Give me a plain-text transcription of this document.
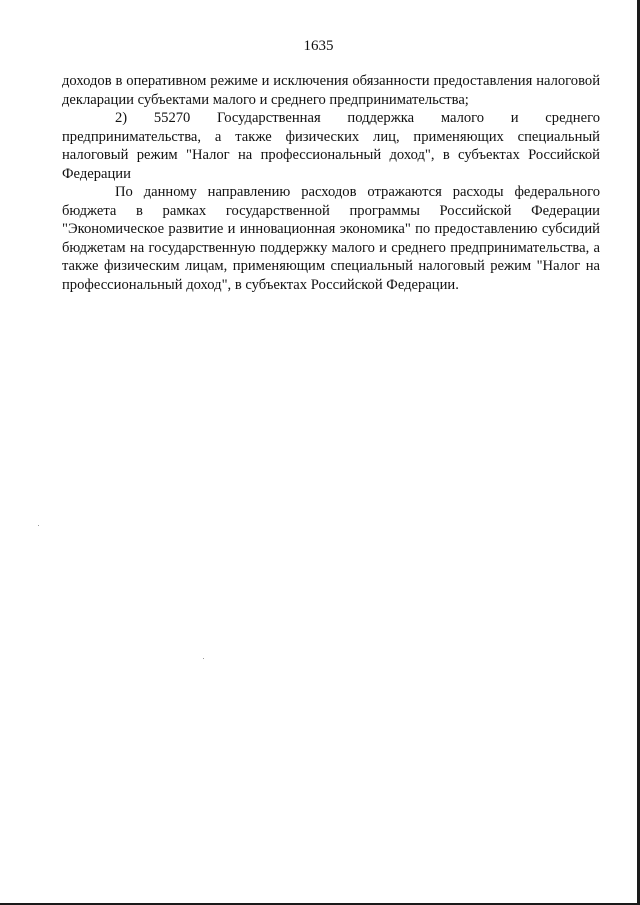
1635

доходов в оперативном режиме и исключения обязанности предоставления налоговой декларации субъектами малого и среднего предпринимательства;

2) 55270 Государственная поддержка малого и среднего предпринимательства, а также физических лиц, применяющих специальный налоговый режим "Налог на профессиональный доход", в субъектах Российской Федерации

По данному направлению расходов отражаются расходы федерального бюджета в рамках государственной программы Российской Федерации "Экономическое развитие и инновационная экономика" по предоставлению субсидий бюджетам на государственную поддержку малого и среднего предпринимательства, а также физическим лицам, применяющим специальный налоговый режим "Налог на профессиональный доход", в субъектах Российской Федерации.
